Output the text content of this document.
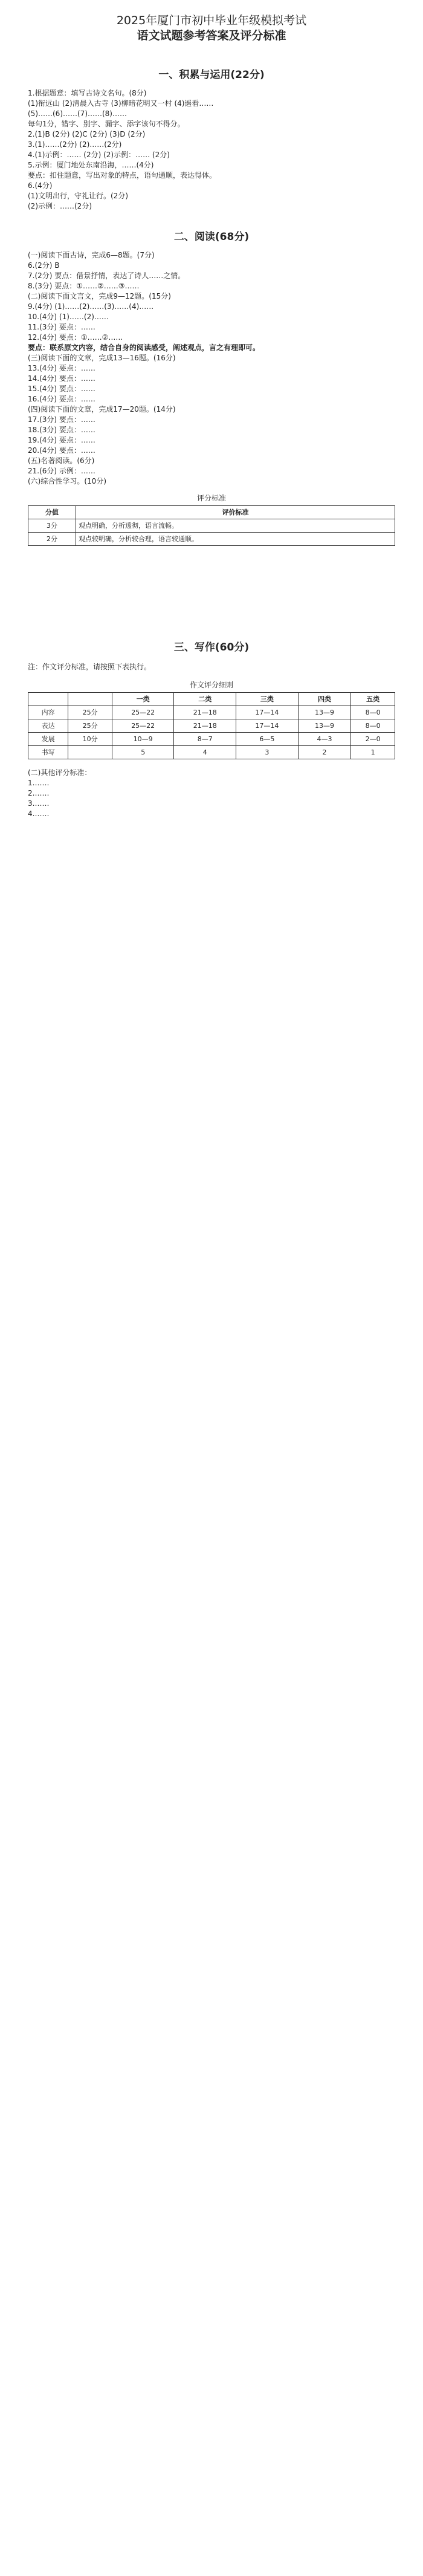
2025年厦门市初中毕业年级模拟考试

语文试题参考答案及评分标准

一、积累与运用(22分)

1.根据题意：填写古诗文名句。(8分)

(1)衔远山 (2)清晨入古寺 (3)柳暗花明又一村 (4)遥看……

(5)……(6)……(7)……(8)……

每句1分，错字、别字、漏字、添字该句不得分。

2.(1)B (2分) (2)C (2分) (3)D (2分)

3.(1)……(2分) (2)……(2分)

4.(1)示例：…… (2分) (2)示例：…… (2分)

5.示例：厦门地处东南沿海，……(4分)

要点：扣住题意，写出对象的特点，语句通顺，表达得体。

6.(4分)

(1)文明出行，守礼让行。(2分)

(2)示例：……(2分)

二、阅读(68分)

(一)阅读下面古诗，完成6—8题。(7分)

6.(2分) B

7.(2分) 要点：借景抒情，表达了诗人……之情。

8.(3分) 要点：①……②……③……

(二)阅读下面文言文，完成9—12题。(15分)

9.(4分) (1)……(2)……(3)……(4)……

10.(4分) (1)……(2)……

11.(3分) 要点：……

12.(4分) 要点：①……②……

要点：联系原文内容，结合自身的阅读感受，阐述观点，言之有理即可。

(三)阅读下面的文章，完成13—16题。(16分)

13.(4分) 要点：……

14.(4分) 要点：……

15.(4分) 要点：……

16.(4分) 要点：……

(四)阅读下面的文章，完成17—20题。(14分)

17.(3分) 要点：……

18.(3分) 要点：……

19.(4分) 要点：……

20.(4分) 要点：……

(五)名著阅读。(6分)

21.(6分) 示例：……

(六)综合性学习。(10分)

评分标准
分值	评价标准
3分	观点明确，分析透彻，语言流畅。
2分	观点较明确，分析较合理，语言较通顺。
三、写作(60分)

注：作文评分标准，请按照下表执行。

作文评分细则
		一类	二类	三类	四类	五类
内容	25分	25—22	21—18	17—14	13—9	8—0
表达	25分	25—22	21—18	17—14	13—9	8—0
发展	10分	10—9	8—7	6—5	4—3	2—0
书写		5	4	3	2	1

(二)其他评分标准：

1.……

2.……

3.……

4.……
